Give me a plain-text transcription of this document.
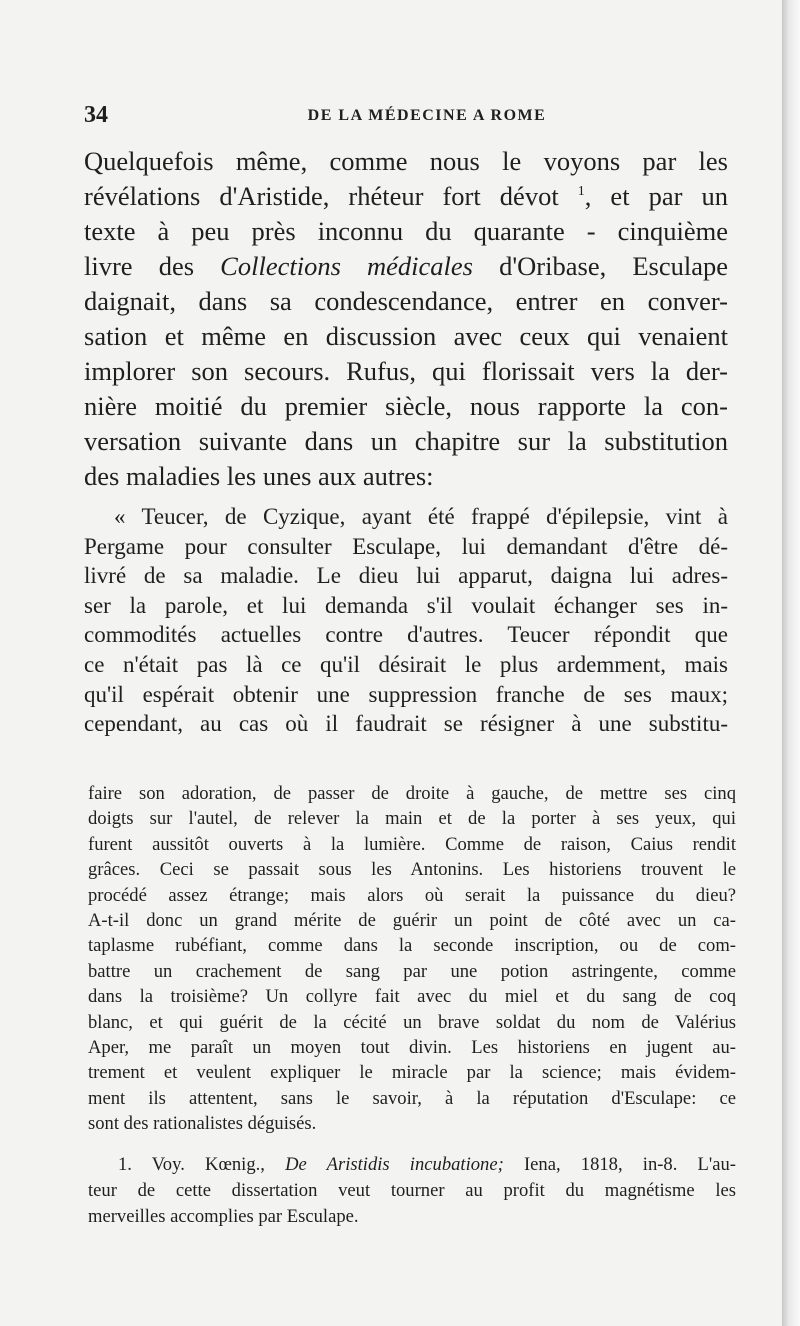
34	DE LA MÉDECINE A ROME
Quelquefois même, comme nous le voyons par les
révélations d'Aristide, rhéteur fort dévot $^1$, et par un
texte à peu près inconnu du quarante - cinquième
livre des Collections médicales d'Oribase, Esculape
daignait, dans sa condescendance, entrer en conver-
sation et même en discussion avec ceux qui venaient
implorer son secours. Rufus, qui florissait vers la der-
nière moitié du premier siècle, nous rapporte la con-
versation suivante dans un chapitre sur la substitution
des maladies les unes aux autres:
« Teucer, de Cyzique, ayant été frappé d'épilepsie, vint à
Pergame pour consulter Esculape, lui demandant d'être dé-
livré de sa maladie. Le dieu lui apparut, daigna lui adres-
ser la parole, et lui demanda s'il voulait échanger ses in-
commodités actuelles contre d'autres. Teucer répondit que
ce n'était pas là ce qu'il désirait le plus ardemment, mais
qu'il espérait obtenir une suppression franche de ses maux;
cependant, au cas où il faudrait se résigner à une substitu-
faire son adoration, de passer de droite à gauche, de mettre ses cinq
doigts sur l'autel, de relever la main et de la porter à ses yeux, qui
furent aussitôt ouverts à la lumière. Comme de raison, Caius rendit
grâces. Ceci se passait sous les Antonins. Les historiens trouvent le
procédé assez étrange; mais alors où serait la puissance du dieu?
A-t-il donc un grand mérite de guérir un point de côté avec un ca-
taplasme rubéfiant, comme dans la seconde inscription, ou de com-
battre un crachement de sang par une potion astringente, comme
dans la troisième? Un collyre fait avec du miel et du sang de coq
blanc, et qui guérit de la cécité un brave soldat du nom de Valérius
Aper, me paraît un moyen tout divin. Les historiens en jugent au-
trement et veulent expliquer le miracle par la science; mais évidem-
ment ils attentent, sans le savoir, à la réputation d'Esculape: ce
sont des rationalistes déguisés.
1. Voy. Kœnig., De Aristidis incubatione; Iena, 1818, in-8. L'au-
teur de cette dissertation veut tourner au profit du magnétisme les
merveilles accomplies par Esculape.
